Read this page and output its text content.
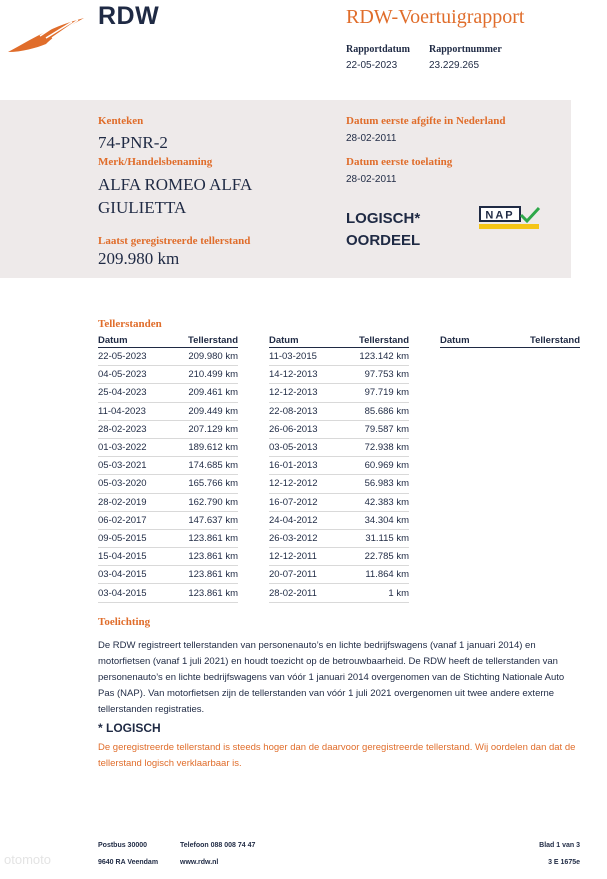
RDW	RDW-Voertuigrapport
Rapportdatum
22-05-2023
Rapportnummer
23.229.265
Kenteken
74-PNR-2
Merk/Handelsbenaming
ALFA ROMEO ALFA
GIULIETTA
Laatst geregistreerde tellerstand
209.980 km
Datum eerste afgifte in Nederland
28-02-2011
Datum eerste toelating
28-02-2011
LOGISCH*
OORDEEL
NAP
Tellerstanden
Datum	Tellerstand
22-05-2023	209.980 km
04-05-2023	210.499 km
25-04-2023	209.461 km
11-04-2023	209.449 km
28-02-2023	207.129 km
01-03-2022	189.612 km
05-03-2021	174.685 km
05-03-2020	165.766 km
28-02-2019	162.790 km
06-02-2017	147.637 km
09-05-2015	123.861 km
15-04-2015	123.861 km
03-04-2015	123.861 km
03-04-2015	123.861 km
Datum	Tellerstand
11-03-2015	123.142 km
14-12-2013	97.753 km
12-12-2013	97.719 km
22-08-2013	85.686 km
26-06-2013	79.587 km
03-05-2013	72.938 km
16-01-2013	60.969 km
12-12-2012	56.983 km
16-07-2012	42.383 km
24-04-2012	34.304 km
26-03-2012	31.115 km
12-12-2011	22.785 km
20-07-2011	11.864 km
28-02-2011	1 km
Datum	Tellerstand
Toelichting
De RDW registreert tellerstanden van personenauto’s en lichte bedrijfswagens (vanaf 1 januari 2014) en motorfietsen (vanaf 1 juli 2021) en houdt toezicht op de betrouwbaarheid. De RDW heeft de tellerstanden van personenauto’s en lichte bedrijfswagens van vóór 1 januari 2014 overgenomen van de Stichting Nationale Auto Pas (NAP). Van motorfietsen zijn de tellerstanden van vóór 1 juli 2021 overgenomen uit twee andere externe tellerstanden registraties.
* LOGISCH
De geregistreerde tellerstand is steeds hoger dan de daarvoor geregistreerde tellerstand. Wij oordelen dan dat de tellerstand logisch verklaarbaar is.
Postbus 30000
9640 RA Veendam
Telefoon 088 008 74 47
www.rdw.nl
Blad 1 van 3
3 E 1675e
otomoto
